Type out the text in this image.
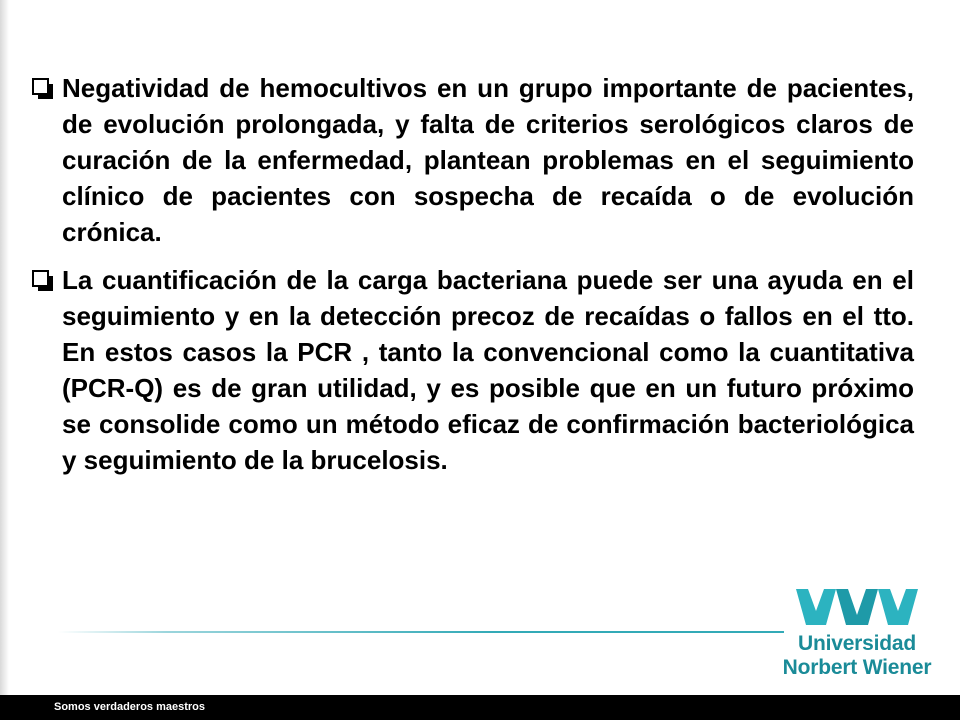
Negatividad de hemocultivos en un grupo importante de pacientes, de evolución prolongada, y falta de criterios serológicos claros de curación de la enfermedad, plantean problemas en el seguimiento clínico de pacientes con sospecha de recaída o de evolución crónica.

La cuantificación de la carga bacteriana puede ser una ayuda en el seguimiento y en la detección precoz de recaídas o fallos en el tto. En estos casos la PCR , tanto la convencional como la cuantitativa (PCR-Q) es de gran utilidad, y es posible que en un futuro próximo se consolide como un método eficaz de confirmación bacteriológica y seguimiento de la brucelosis.

Universidad
Norbert Wiener
Somos verdaderos maestros
